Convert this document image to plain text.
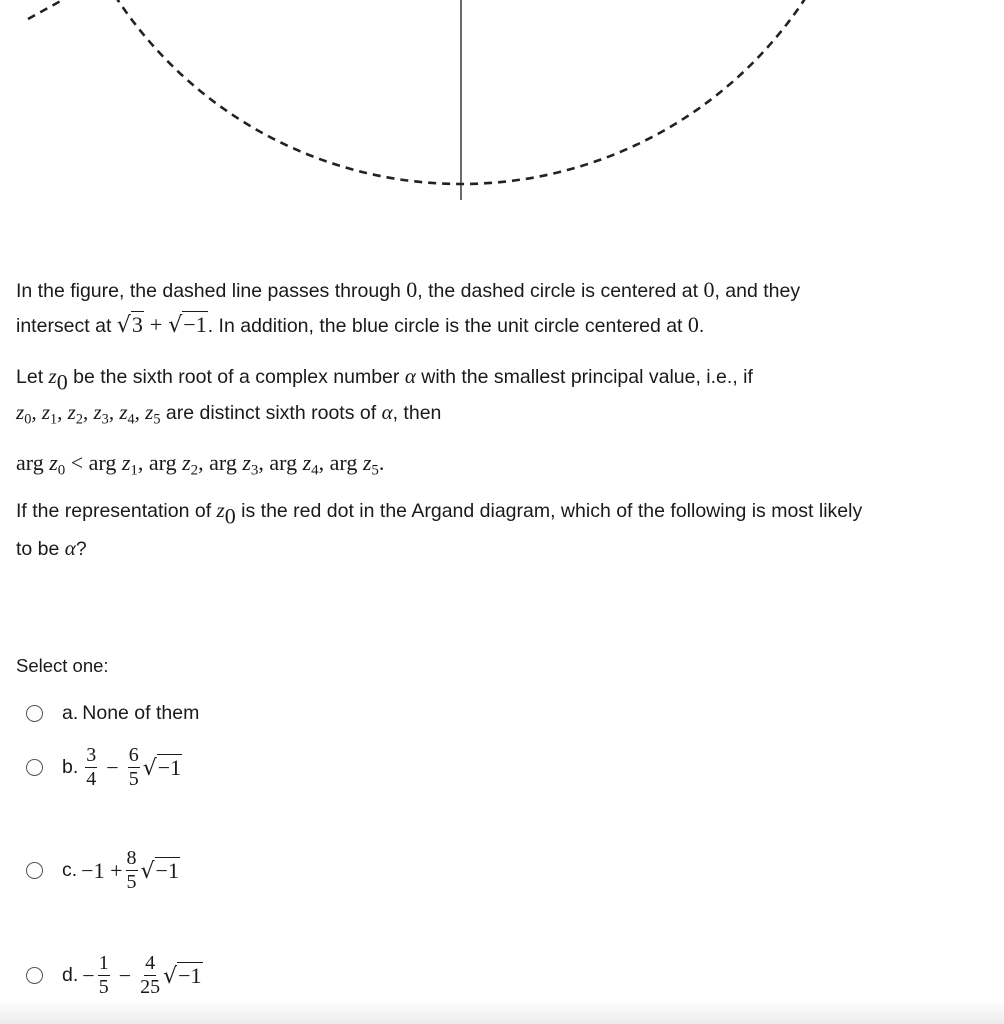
In the figure, the dashed line passes through 0, the dashed circle is centered at 0, and they
intersect at √3 + √−1. In addition, the blue circle is the unit circle centered at 0.
Let $z_0$ be the sixth root of a complex number α with the smallest principal value, i.e., if
$z_0$, $z_1$, $z_2$, $z_3$, $z_4$, $z_5$ are distinct sixth roots of α, then
arg $z_0$ < arg $z_1$, arg $z_2$, arg $z_3$, arg $z_4$, arg $z_5$.
If the representation of $z_0$ is the red dot in the Argand diagram, which of the following is most likely
to be α?
Select one:
a. None of them
b. $\frac{3}{4} - \frac{6}{5} √-1$
c. $-1 + \frac{8}{5} √-1$
d. − $\frac{1}{5} - \frac{4}{25} √-1$
